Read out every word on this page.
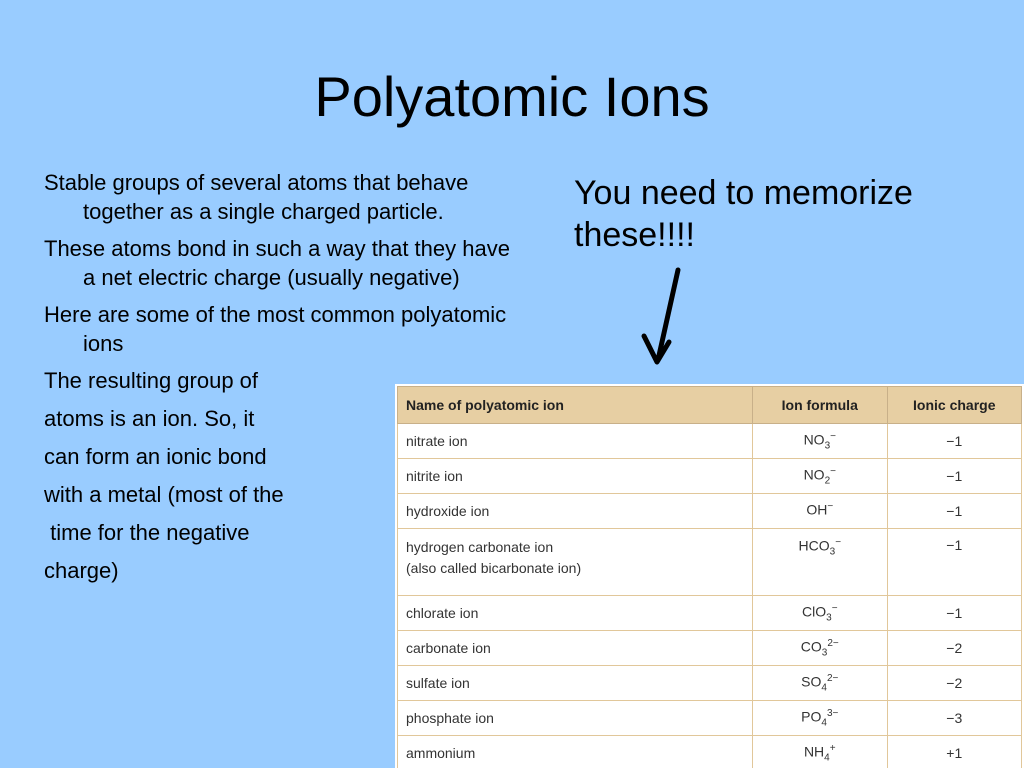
Polyatomic Ions
Stable groups of several atoms that behave together as a single charged particle.
These atoms bond in such a way that they have a net electric charge (usually negative)
Here are some of the most common polyatomic ions
The resulting group of
atoms is an ion. So, it
can form an ionic bond
with a metal (most of the
time for the negative
charge)
You need to memorize these!!!!
Name of polyatomic ion	Ion formula	Ionic charge

nitrate ion	$NO_3^-$	−1

nitrite ion	$NO_2^-$	−1

hydroxide ion	OH−	−1

hydrogen carbonate ion
(also called bicarbonate ion)	$HCO_3^-$	−1

chlorate ion	ClO$_3$−	−1

carbonate ion	$CO_3^{2-}$	−2

sulfate ion	$SO_4^{2-}$	−2

phosphate ion	$PO_4^{3-}$	−3

ammonium	$NH_4^+$	+1
